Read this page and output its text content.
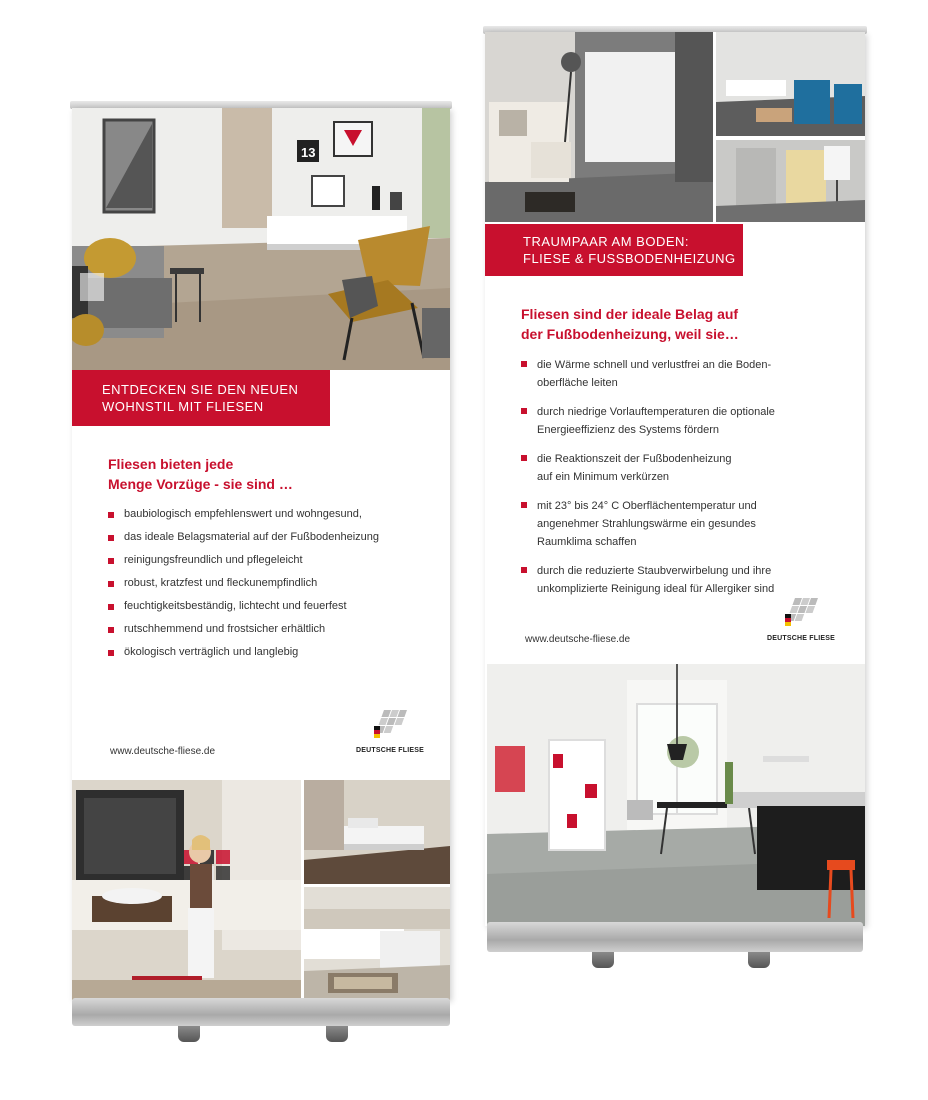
13
ENTDECKEN SIE DEN NEUEN
WOHNSTIL MIT FLIESEN
Fliesen bieten jede
Menge Vorzüge - sie sind …
baubiologisch empfehlenswert und wohngesund,
das ideale Belagsmaterial auf der Fußbodenheizung
reinigungsfreundlich und pflegeleicht
robust, kratzfest und fleckunempfindlich
feuchtigkeitsbeständig, lichtecht und feuerfest
rutschhemmend und frostsicher erhältlich
ökologisch verträglich und langlebig
www.deutsche-fliese.de	DEUTSCHE FLIESE
TRAUMPAAR AM BODEN:
FLIESE & FUSSBODENHEIZUNG
Fliesen sind der ideale Belag auf
der Fußbodenheizung, weil sie…
die Wärme schnell und verlustfrei an die Boden-
oberfläche leiten
durch niedrige Vorlauftemperaturen die optionale
Energieeffizienz des Systems fördern
die Reaktionszeit der Fußbodenheizung
auf ein Minimum verkürzen
mit 23° bis 24° C Oberflächentemperatur und
angenehmer Strahlungswärme ein gesundes
Raumklima schaffen
durch die reduzierte Staubverwirbelung und ihre
unkomplizierte Reinigung ideal für Allergiker sind
www.deutsche-fliese.de	DEUTSCHE FLIESE
